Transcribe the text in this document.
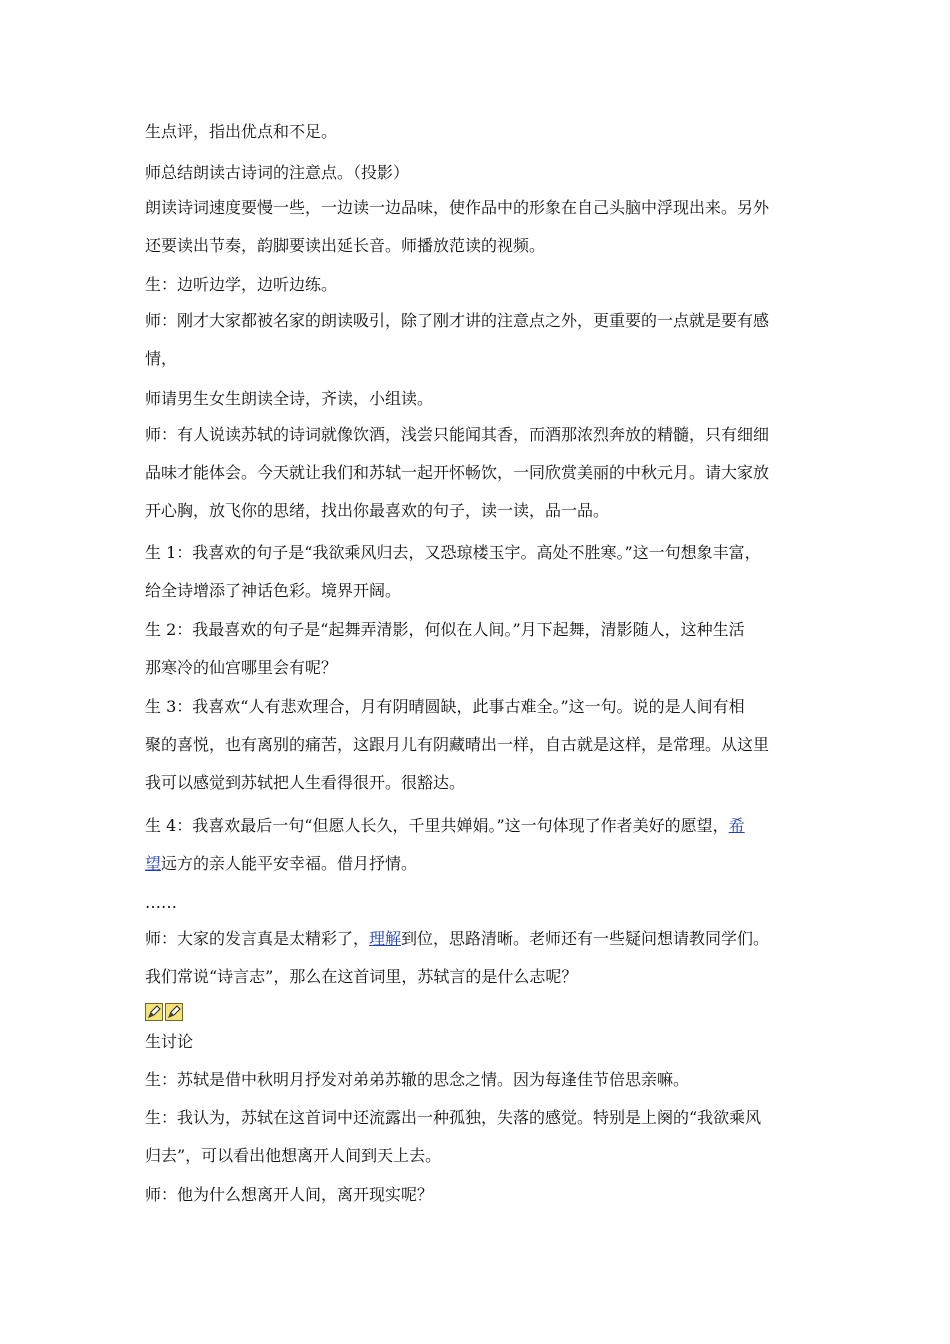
生点评，指出优点和不足。
师总结朗读古诗词的注意点。（投影）
朗读诗词速度要慢一些，一边读一边品味，使作品中的形象在自己头脑中浮现出来。另外
还要读出节奏，韵脚要读出延长音。师播放范读的视频。
生：边听边学，边听边练。
师：刚才大家都被名家的朗读吸引，除了刚才讲的注意点之外，更重要的一点就是要有感
情，
师请男生女生朗读全诗，齐读，小组读。
师：有人说读苏轼的诗词就像饮酒，浅尝只能闻其香，而酒那浓烈奔放的精髓，只有细细
品味才能体会。今天就让我们和苏轼一起开怀畅饮，一同欣赏美丽的中秋元月。请大家放
开心胸，放飞你的思绪，找出你最喜欢的句子，读一读，品一品。
生 1：我喜欢的句子是“我欲乘风归去，又恐琼楼玉宇。高处不胜寒。”这一句想象丰富，
给全诗增添了神话色彩。境界开阔。
生 2：我最喜欢的句子是“起舞弄清影，何似在人间。”月下起舞，清影随人，这种生活
那寒冷的仙宫哪里会有呢？
生 3：我喜欢“人有悲欢理合，月有阴晴圆缺，此事古难全。”这一句。说的是人间有相
聚的喜悦，也有离别的痛苦，这跟月儿有阴藏晴出一样，自古就是这样，是常理。从这里
我可以感觉到苏轼把人生看得很开。很豁达。
生 4：我喜欢最后一句“但愿人长久，千里共婵娟。”这一句体现了作者美好的愿望，希
望远方的亲人能平安幸福。借月抒情。
……
师：大家的发言真是太精彩了，理解到位，思路清晰。老师还有一些疑问想请教同学们。
我们常说“诗言志”，那么在这首词里，苏轼言的是什么志呢？
生讨论
生：苏轼是借中秋明月抒发对弟弟苏辙的思念之情。因为每逢佳节倍思亲嘛。
生：我认为，苏轼在这首词中还流露出一种孤独，失落的感觉。特别是上阕的“我欲乘风
归去”，可以看出他想离开人间到天上去。
师：他为什么想离开人间，离开现实呢？
